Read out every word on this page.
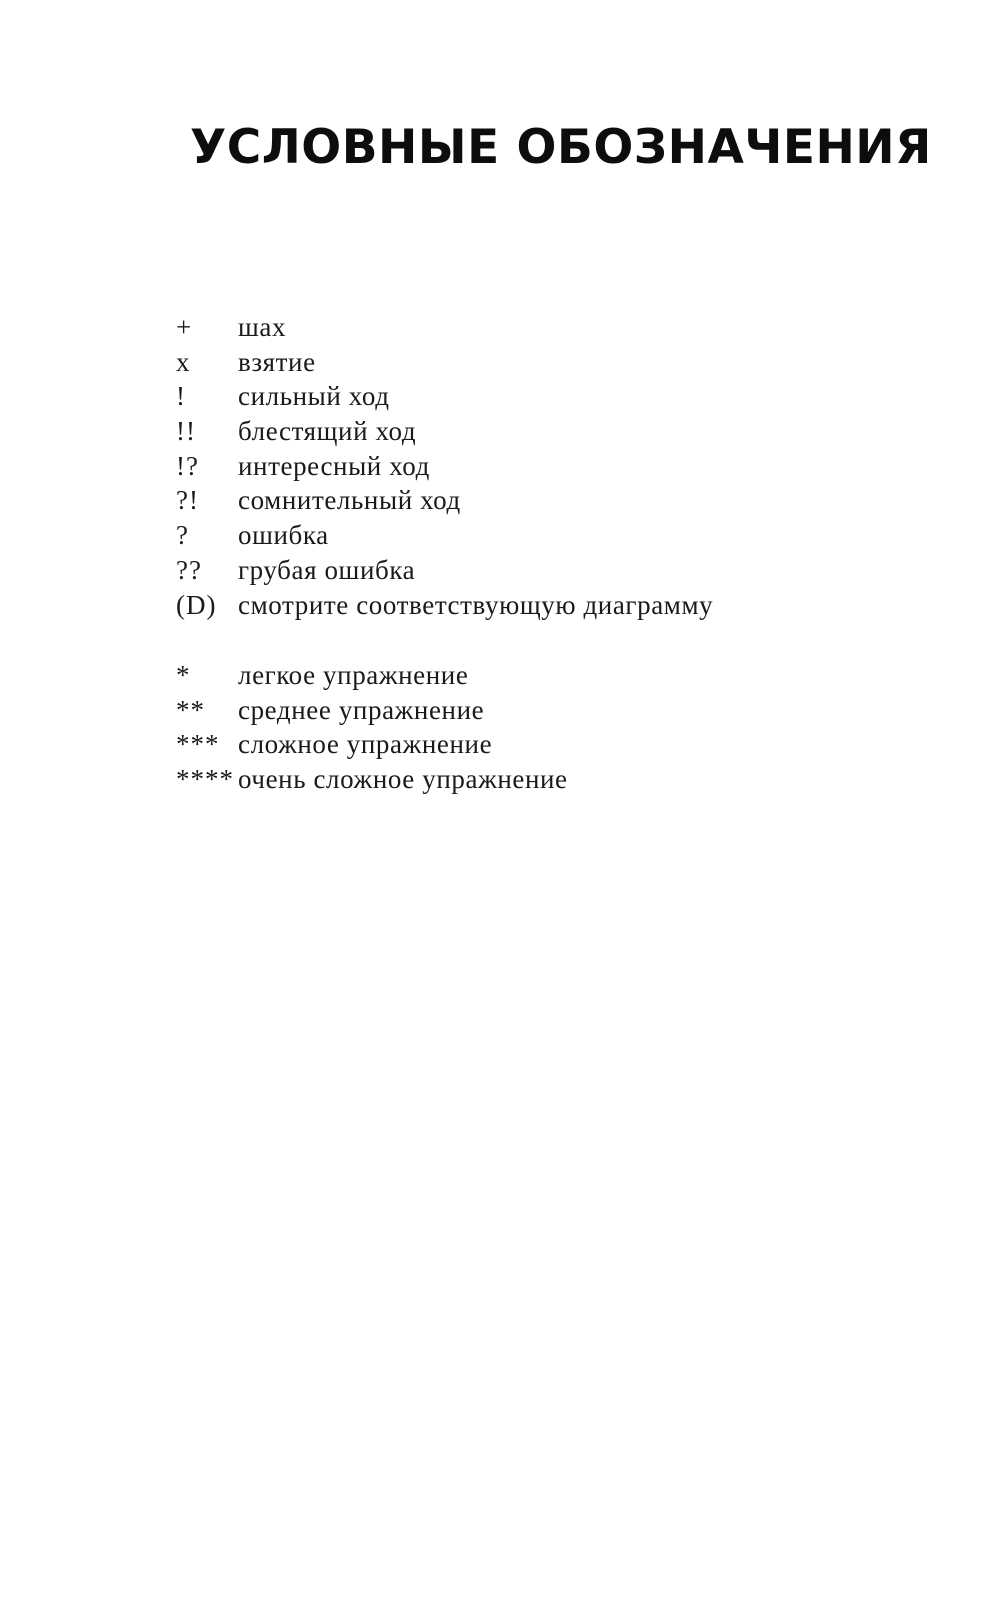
УСЛОВНЫЕ ОБОЗНАЧЕНИЯ
+	шах
x	взятие
!	сильный ход
!!	блестящий ход
!?	интересный ход
?!	сомнительный ход
?	ошибка
??	грубая ошибка
(D) смотрите соответствующую диаграмму
*	легкое упражнение
**	среднее упражнение
*** сложное упражнение
**** очень сложное упражнение
